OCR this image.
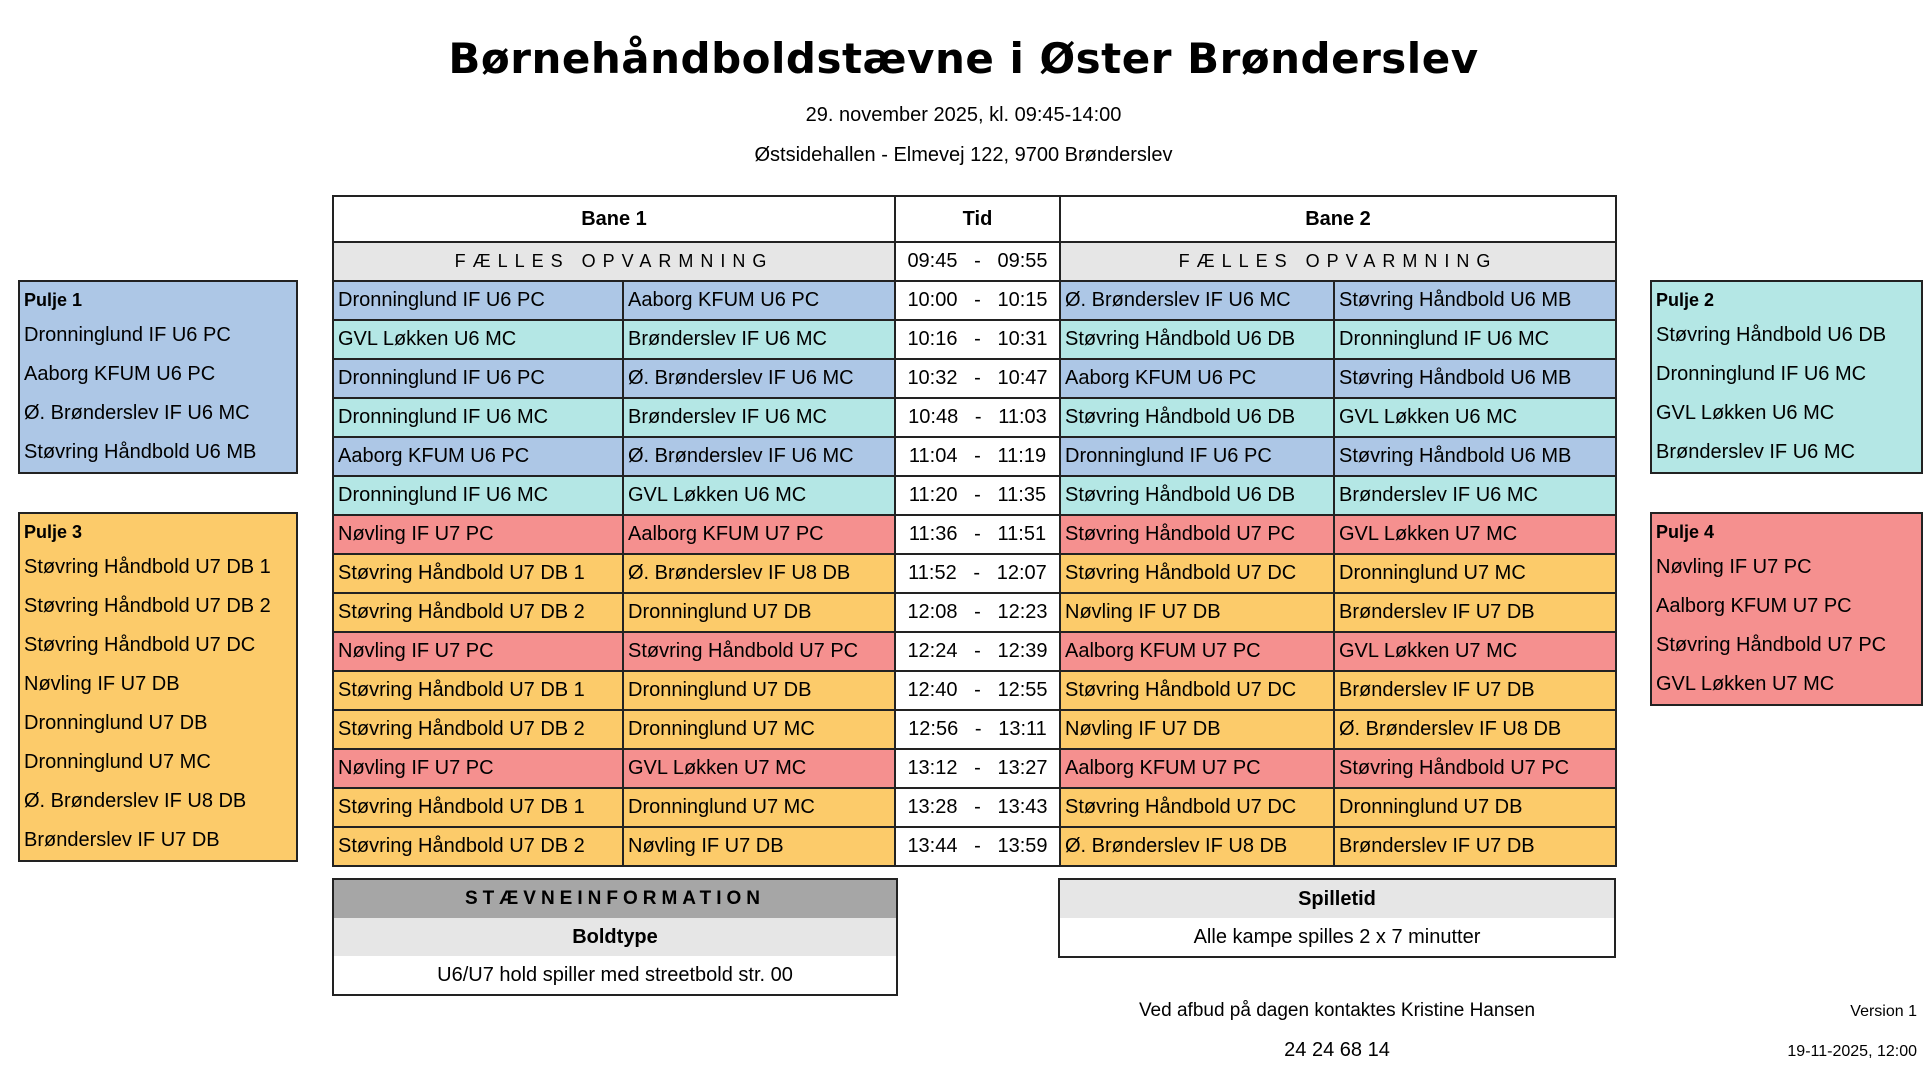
Børnehåndboldstævne i Øster Brønderslev
29. november 2025, kl. 09:45-14:00
Østsidehallen - Elmevej 122, 9700 Brønderslev
Pulje 1
Dronninglund IF U6 PC
Aaborg KFUM U6 PC
Ø. Brønderslev IF U6 MC
Støvring Håndbold U6 MB
Pulje 2
Støvring Håndbold U6 DB
Dronninglund IF U6 MC
GVL Løkken U6 MC
Brønderslev IF U6 MC
Pulje 3
Støvring Håndbold U7 DB 1
Støvring Håndbold U7 DB 2
Støvring Håndbold U7 DC
Nøvling IF U7 DB
Dronninglund U7 DB
Dronninglund U7 MC
Ø. Brønderslev IF U8 DB
Brønderslev IF U7 DB
Pulje 4
Nøvling IF U7 PC
Aalborg KFUM U7 PC
Støvring Håndbold U7 PC
GVL Løkken U7 MC
Bane 1		Tid	Bane 2	
FÆLLES OPVARMNING		09:45 - 09:55	FÆLLES OPVARMNING	
Dronninglund IF U6 PC	Aaborg KFUM U6 PC	10:00 - 10:15	Ø. Brønderslev IF U6 MC	Støvring Håndbold U6 MB
GVL Løkken U6 MC	Brønderslev IF U6 MC	10:16 - 10:31	Støvring Håndbold U6 DB	Dronninglund IF U6 MC
Dronninglund IF U6 PC	Ø. Brønderslev IF U6 MC	10:32 - 10:47	Aaborg KFUM U6 PC	Støvring Håndbold U6 MB
Dronninglund IF U6 MC	Brønderslev IF U6 MC	10:48 - 11:03	Støvring Håndbold U6 DB	GVL Løkken U6 MC
Aaborg KFUM U6 PC	Ø. Brønderslev IF U6 MC	11:04 - 11:19	Dronninglund IF U6 PC	Støvring Håndbold U6 MB
Dronninglund IF U6 MC	GVL Løkken U6 MC	11:20 - 11:35	Støvring Håndbold U6 DB	Brønderslev IF U6 MC
Nøvling IF U7 PC	Aalborg KFUM U7 PC	11:36 - 11:51	Støvring Håndbold U7 PC	GVL Løkken U7 MC
Støvring Håndbold U7 DB 1	Ø. Brønderslev IF U8 DB	11:52 - 12:07	Støvring Håndbold U7 DC	Dronninglund U7 MC
Støvring Håndbold U7 DB 2	Dronninglund U7 DB	12:08 - 12:23	Nøvling IF U7 DB	Brønderslev IF U7 DB
Nøvling IF U7 PC	Støvring Håndbold U7 PC	12:24 - 12:39	Aalborg KFUM U7 PC	GVL Løkken U7 MC
Støvring Håndbold U7 DB 1	Dronninglund U7 DB	12:40 - 12:55	Støvring Håndbold U7 DC	Brønderslev IF U7 DB
Støvring Håndbold U7 DB 2	Dronninglund U7 MC	12:56 - 13:11	Nøvling IF U7 DB	Ø. Brønderslev IF U8 DB
Nøvling IF U7 PC	GVL Løkken U7 MC	13:12 - 13:27	Aalborg KFUM U7 PC	Støvring Håndbold U7 PC
Støvring Håndbold U7 DB 1	Dronninglund U7 MC	13:28 - 13:43	Støvring Håndbold U7 DC	Dronninglund U7 DB
Støvring Håndbold U7 DB 2	Nøvling IF U7 DB	13:44 - 13:59	Ø. Brønderslev IF U8 DB	Brønderslev IF U7 DB
STÆVNEINFORMATION
Boldtype
U6/U7 hold spiller med streetbold str. 00
Spilletid
Alle kampe spilles 2 x 7 minutter
Ved afbud på dagen kontaktes Kristine Hansen
24 24 68 14
Version 1
19-11-2025, 12:00
